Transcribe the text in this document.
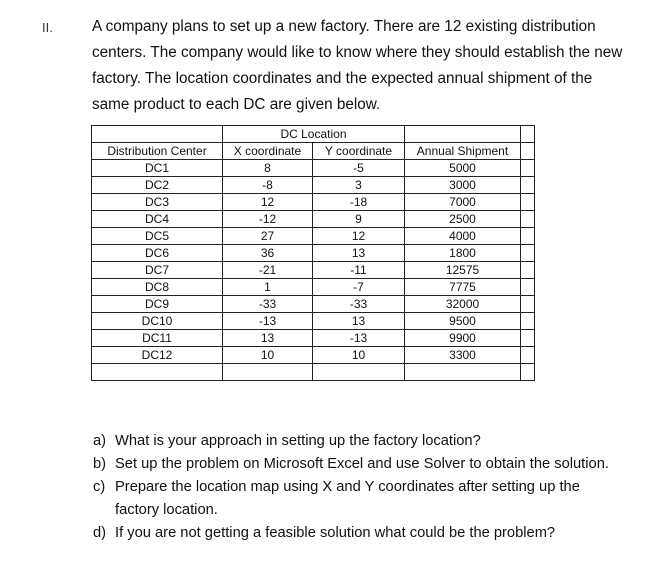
II.	A company plans to set up a new factory. There are 12 existing distribution centers. The company would like to know where they should establish the new factory. The location coordinates and the expected annual shipment of the same product to each DC are given below.

	DC Location			
Distribution Center	X coordinate	Y coordinate	Annual Shipment	
DC1	8	-5	5000	
DC2	-8	3	3000	
DC3	12	-18	7000	
DC4	-12	9	2500	
DC5	27	12	4000	
DC6	36	13	1800	
DC7	-21	-11	12575	
DC8	1	-7	7775	
DC9	-33	-33	32000	
DC10	-13	13	9500	
DC11	13	-13	9900	
DC12	10	10	3300	

a) What is your approach in setting up the factory location?
b) Set up the problem on Microsoft Excel and use Solver to obtain the solution.
c) Prepare the location map using X and Y coordinates after setting up the factory location.
d) If you are not getting a feasible solution what could be the problem?
